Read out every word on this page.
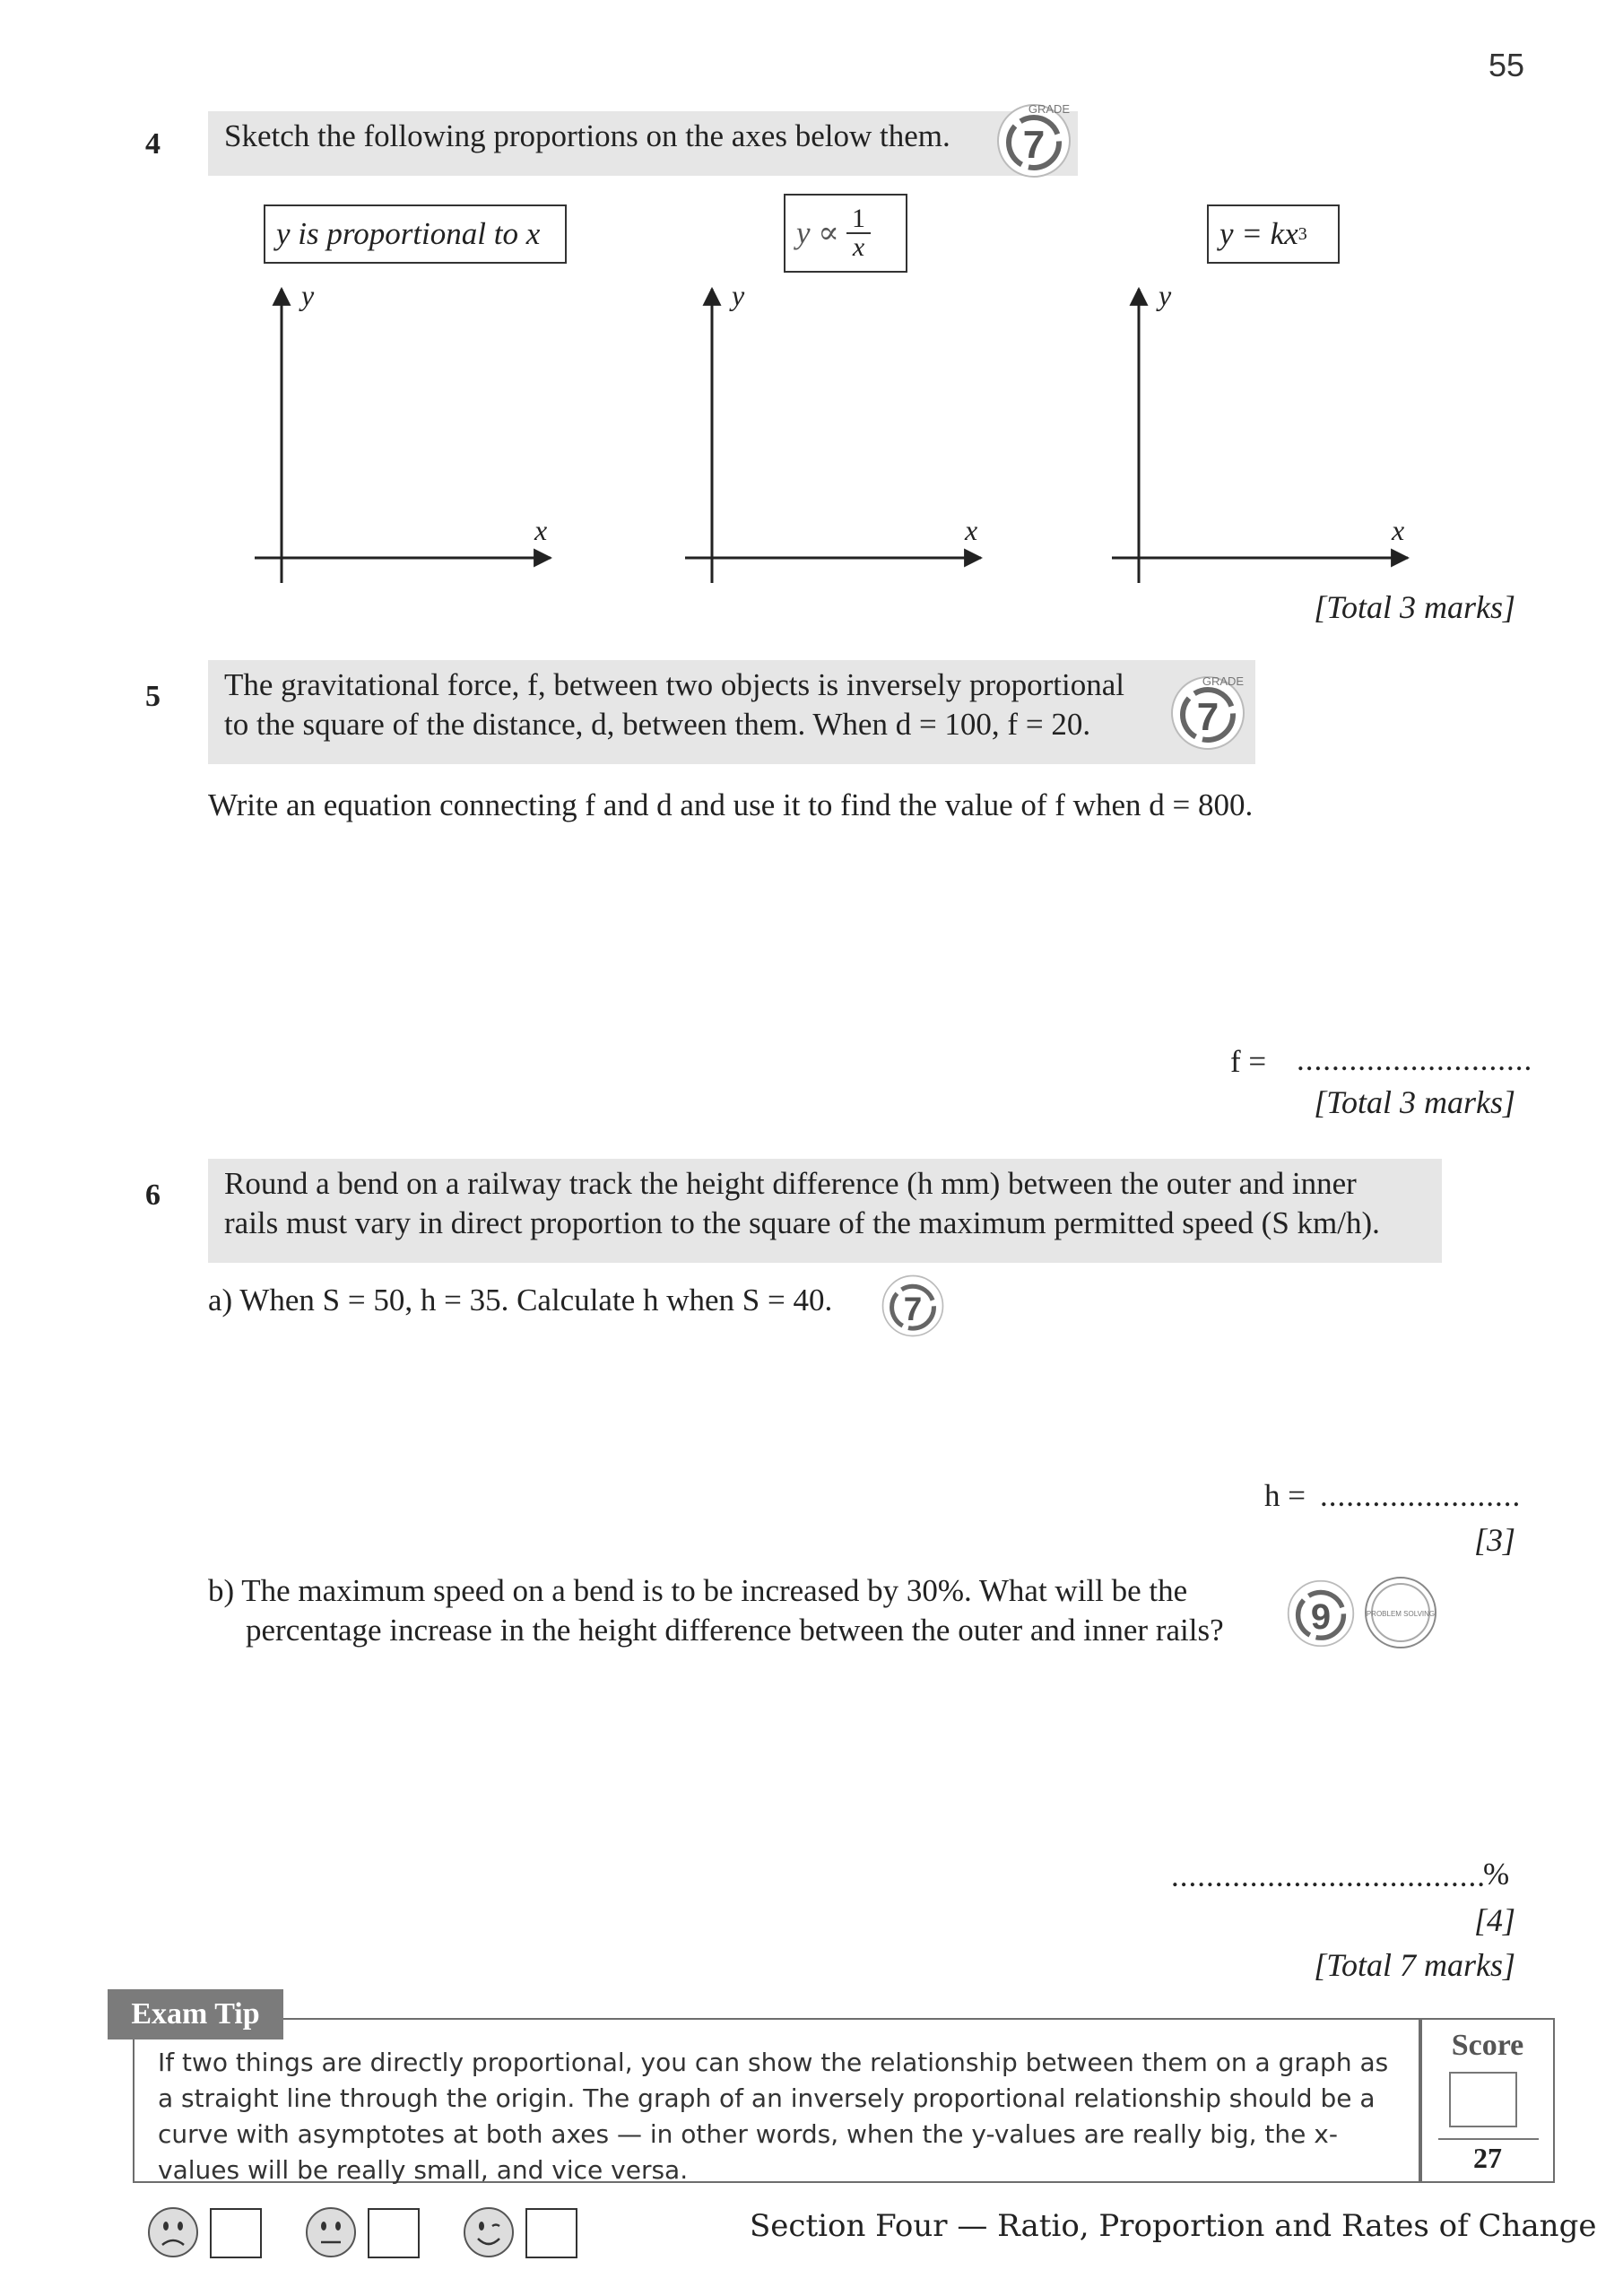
55
4	Sketch the following proportions on the axes below them.	7
GRADE
y is proportional to x	y ∝ 1
x	y = kx 3
y
x
y
x
y
x
[Total 3 marks]
5 The gravitational force, f, between two objects is inversely proportional
to the square of the distance, d, between them. When d = 100, f = 20.	7
GRADE
Write an equation connecting f and d and use it to find the value of f when d = 800.
f = ...........................
[Total 3 marks]
6 Round a bend on a railway track the height difference (h mm) between the outer and inner
rails must vary in direct proportion to the square of the maximum permitted speed (S km/h).
a) When S = 50, h = 35. Calculate h when S = 40.	7
h = .......................
[3]
b) The maximum speed on a bend is to be increased by 30%. What will be the
percentage increase in the height difference between the outer and inner rails?	9	PROBLEM SOLVING
....................................
%
[4]
[Total 7 marks]
Exam Tip
If two things are directly proportional, you can show the relationship between them on a graph as a straight line through the origin. The graph of an inversely proportional relationship should be a curve with asymptotes at both axes — in other words, when the y-values are really big, the x-values will be really small, and vice versa.
Score
27
Section Four — Ratio, Proportion and Rates of Change
